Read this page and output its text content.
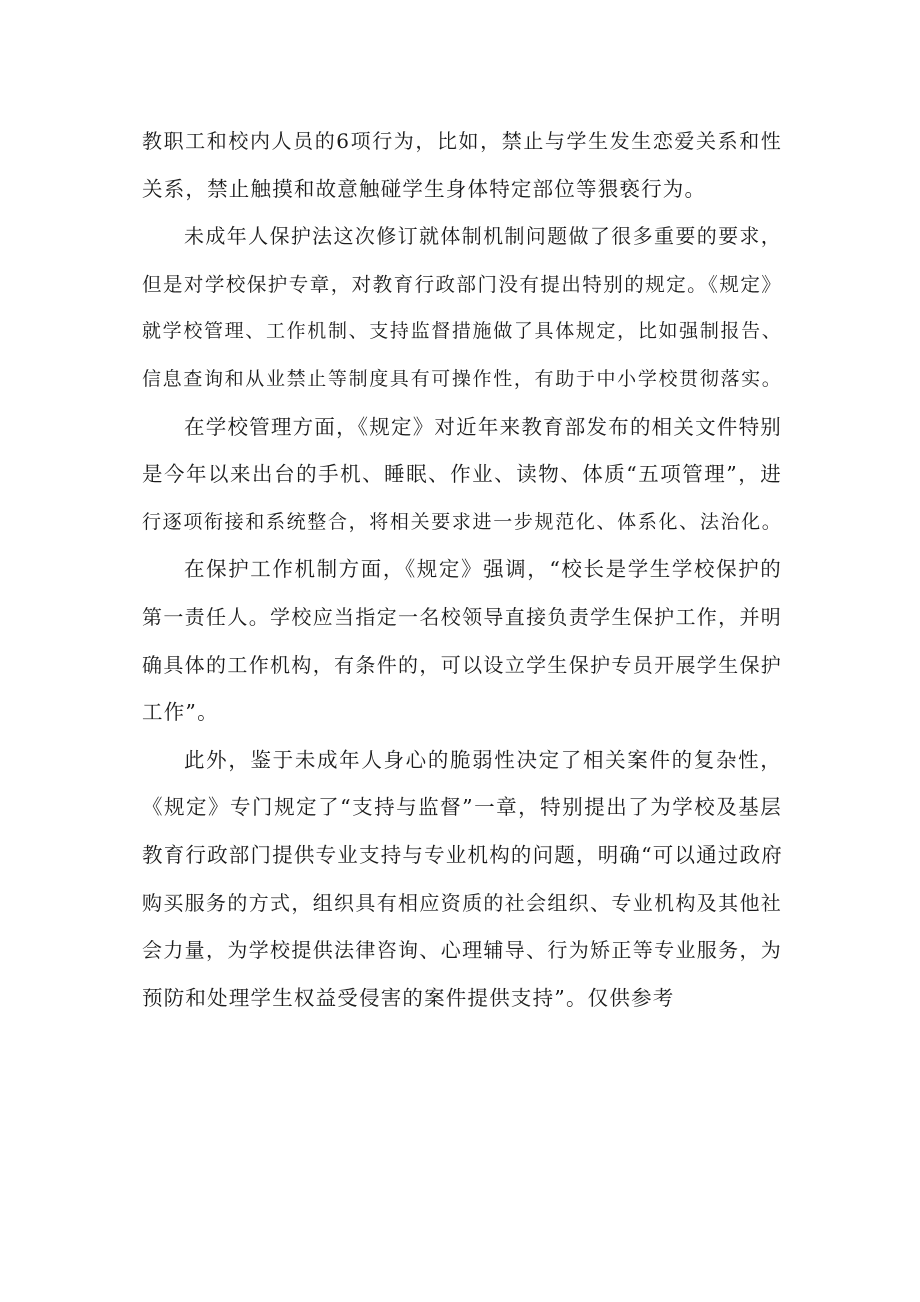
教职工和校内人员的6项行为，比如，禁止与学生发生恋爱关系和性
关系，禁止触摸和故意触碰学生身体特定部位等猥亵行为。
未成年人保护法这次修订就体制机制问题做了很多重要的要求，
但是对学校保护专章，对教育行政部门没有提出特别的规定。《规定》
就学校管理、工作机制、支持监督措施做了具体规定，比如强制报告、
信息查询和从业禁止等制度具有可操作性，有助于中小学校贯彻落实。
在学校管理方面，《规定》对近年来教育部发布的相关文件特别
是今年以来出台的手机、睡眠、作业、读物、体质“五项管理”，进
行逐项衔接和系统整合，将相关要求进一步规范化、体系化、法治化。
在保护工作机制方面，《规定》强调，“校长是学生学校保护的
第一责任人。学校应当指定一名校领导直接负责学生保护工作，并明
确具体的工作机构，有条件的，可以设立学生保护专员开展学生保护
工作”。
此外，鉴于未成年人身心的脆弱性决定了相关案件的复杂性，
《规定》专门规定了“支持与监督”一章，特别提出了为学校及基层
教育行政部门提供专业支持与专业机构的问题，明确“可以通过政府
购买服务的方式，组织具有相应资质的社会组织、专业机构及其他社
会力量，为学校提供法律咨询、心理辅导、行为矫正等专业服务，为
预防和处理学生权益受侵害的案件提供支持”。仅供参考
